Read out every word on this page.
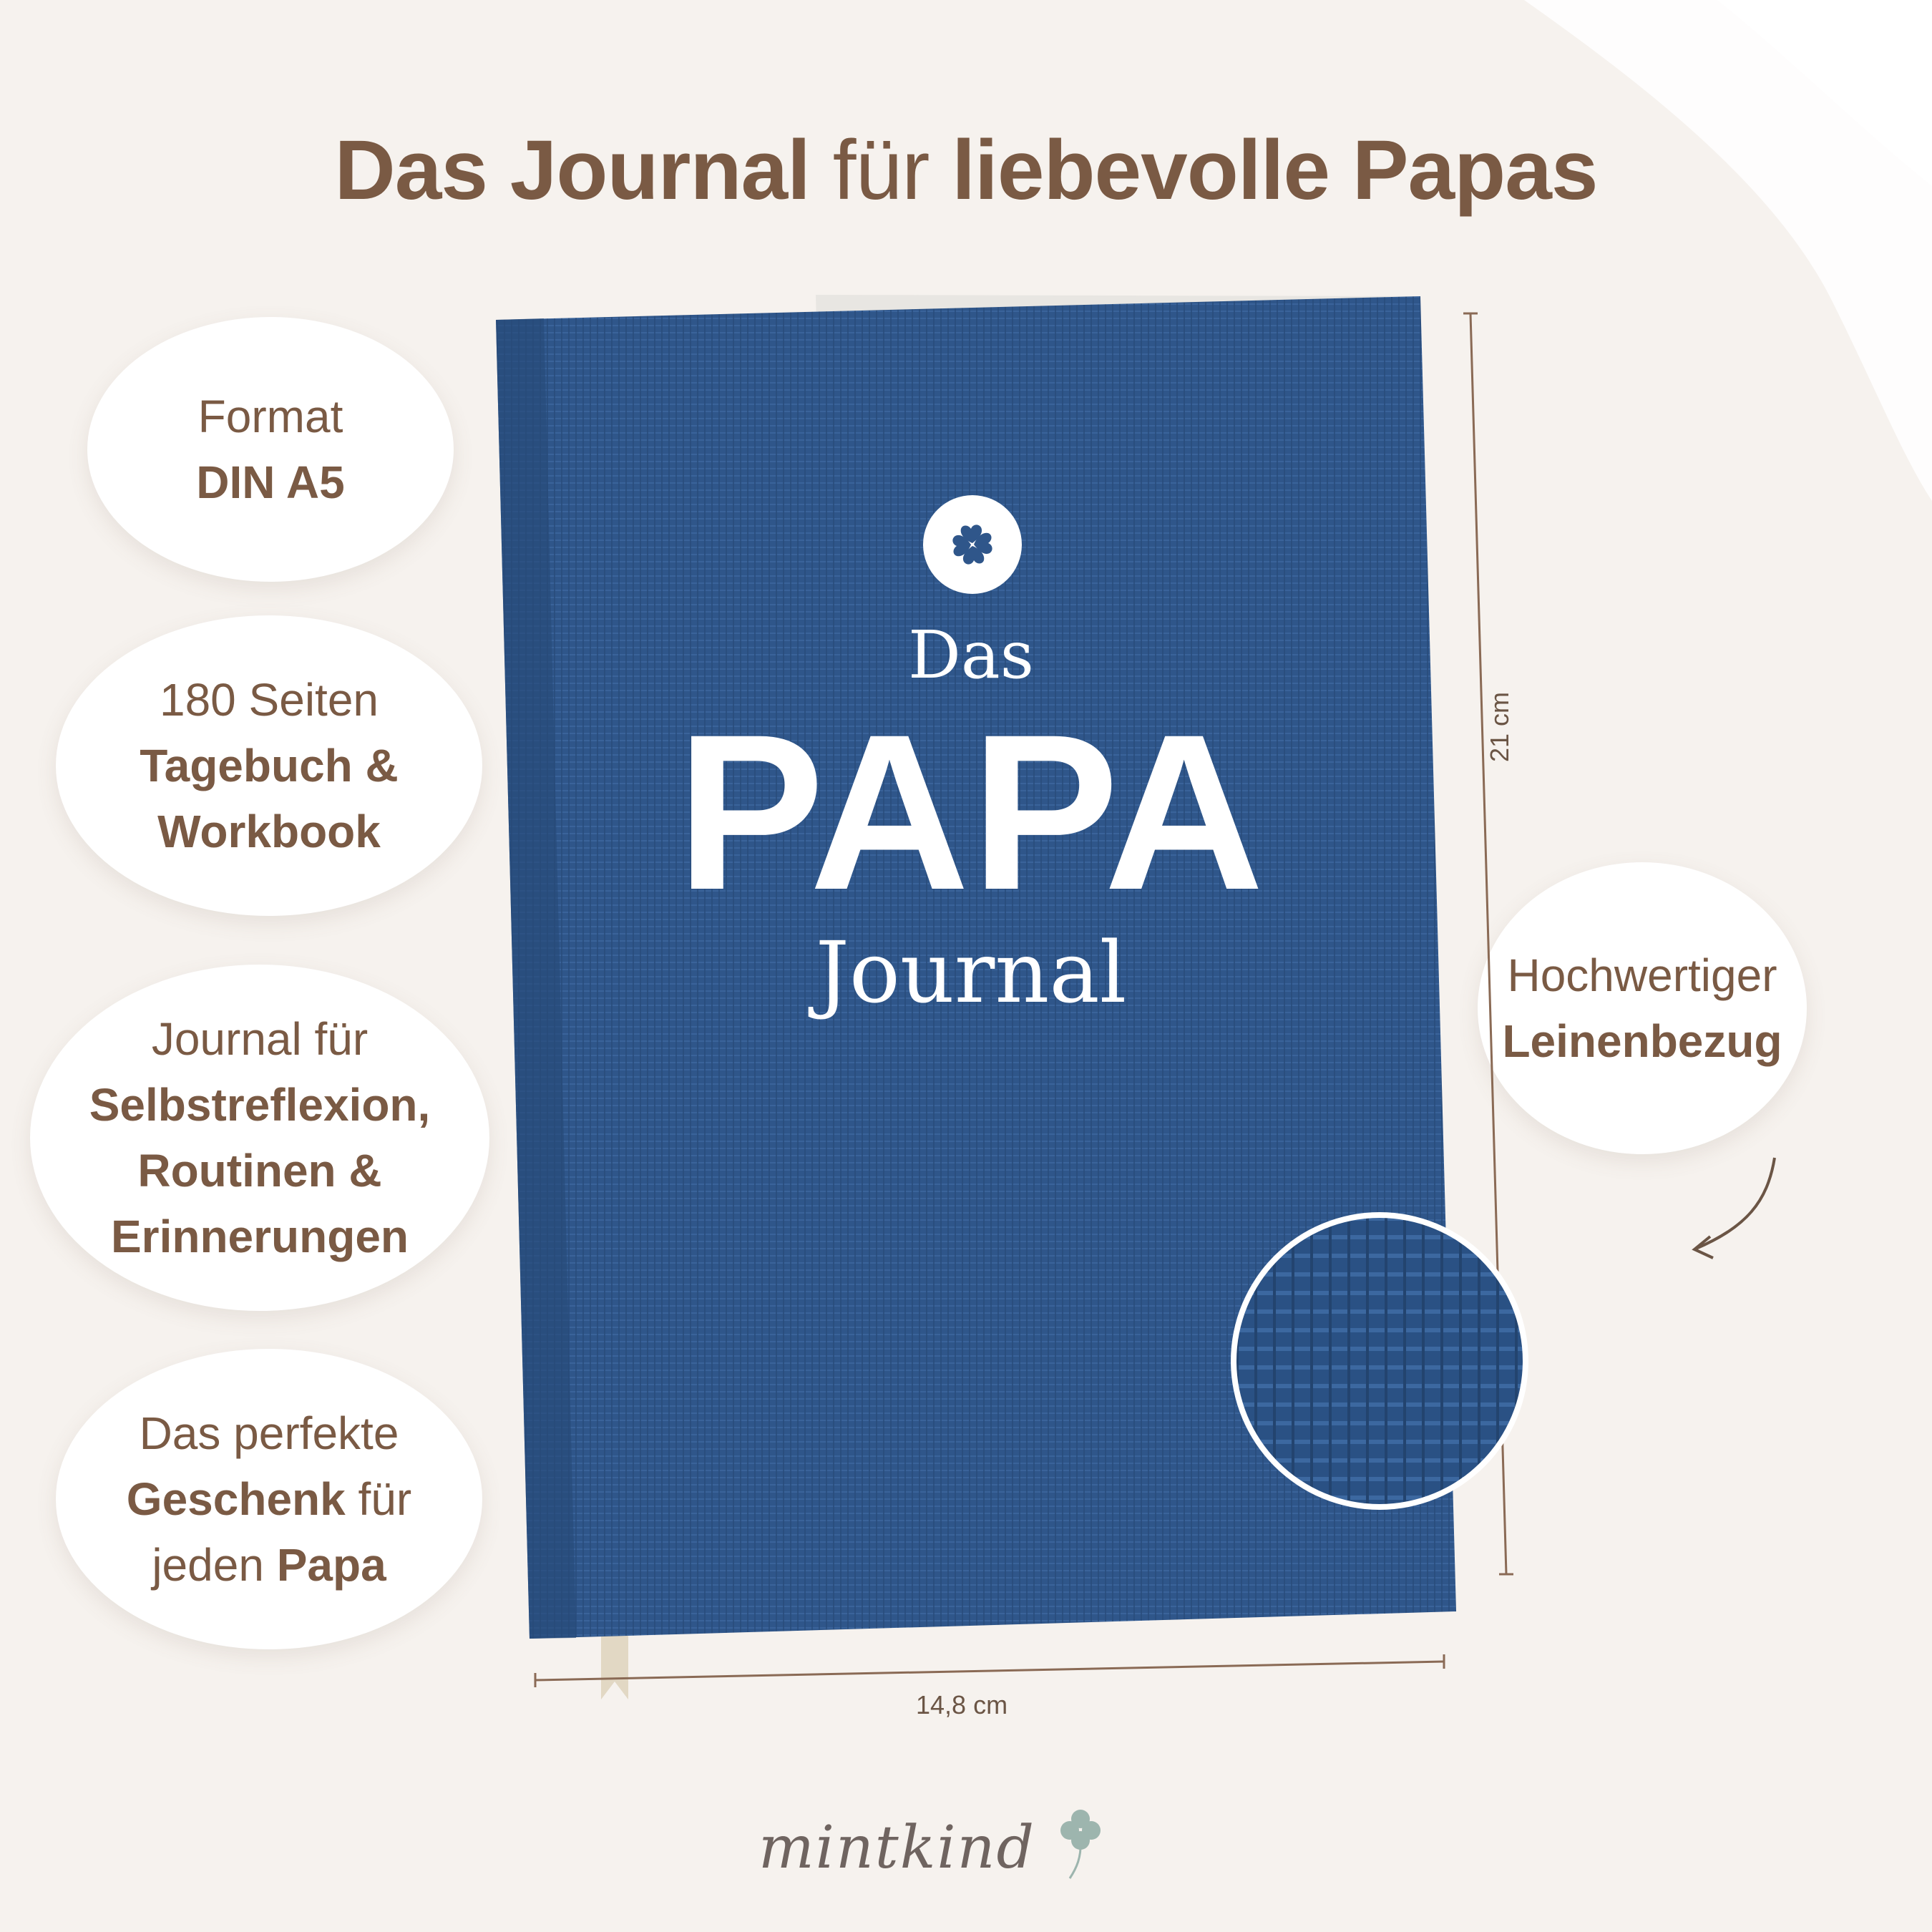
Das Journal für liebevolle Papas
Format
DIN A5
180 Seiten
Tagebuch &
Workbook
Journal für
Selbstreflexion,
Routinen &
Erinnerungen
Das perfekte
Geschenk für
jeden Papa
Hochwertiger
Leinenbezug
Das
PAPA
Journal
14,8 cm
21 cm
mintkind
